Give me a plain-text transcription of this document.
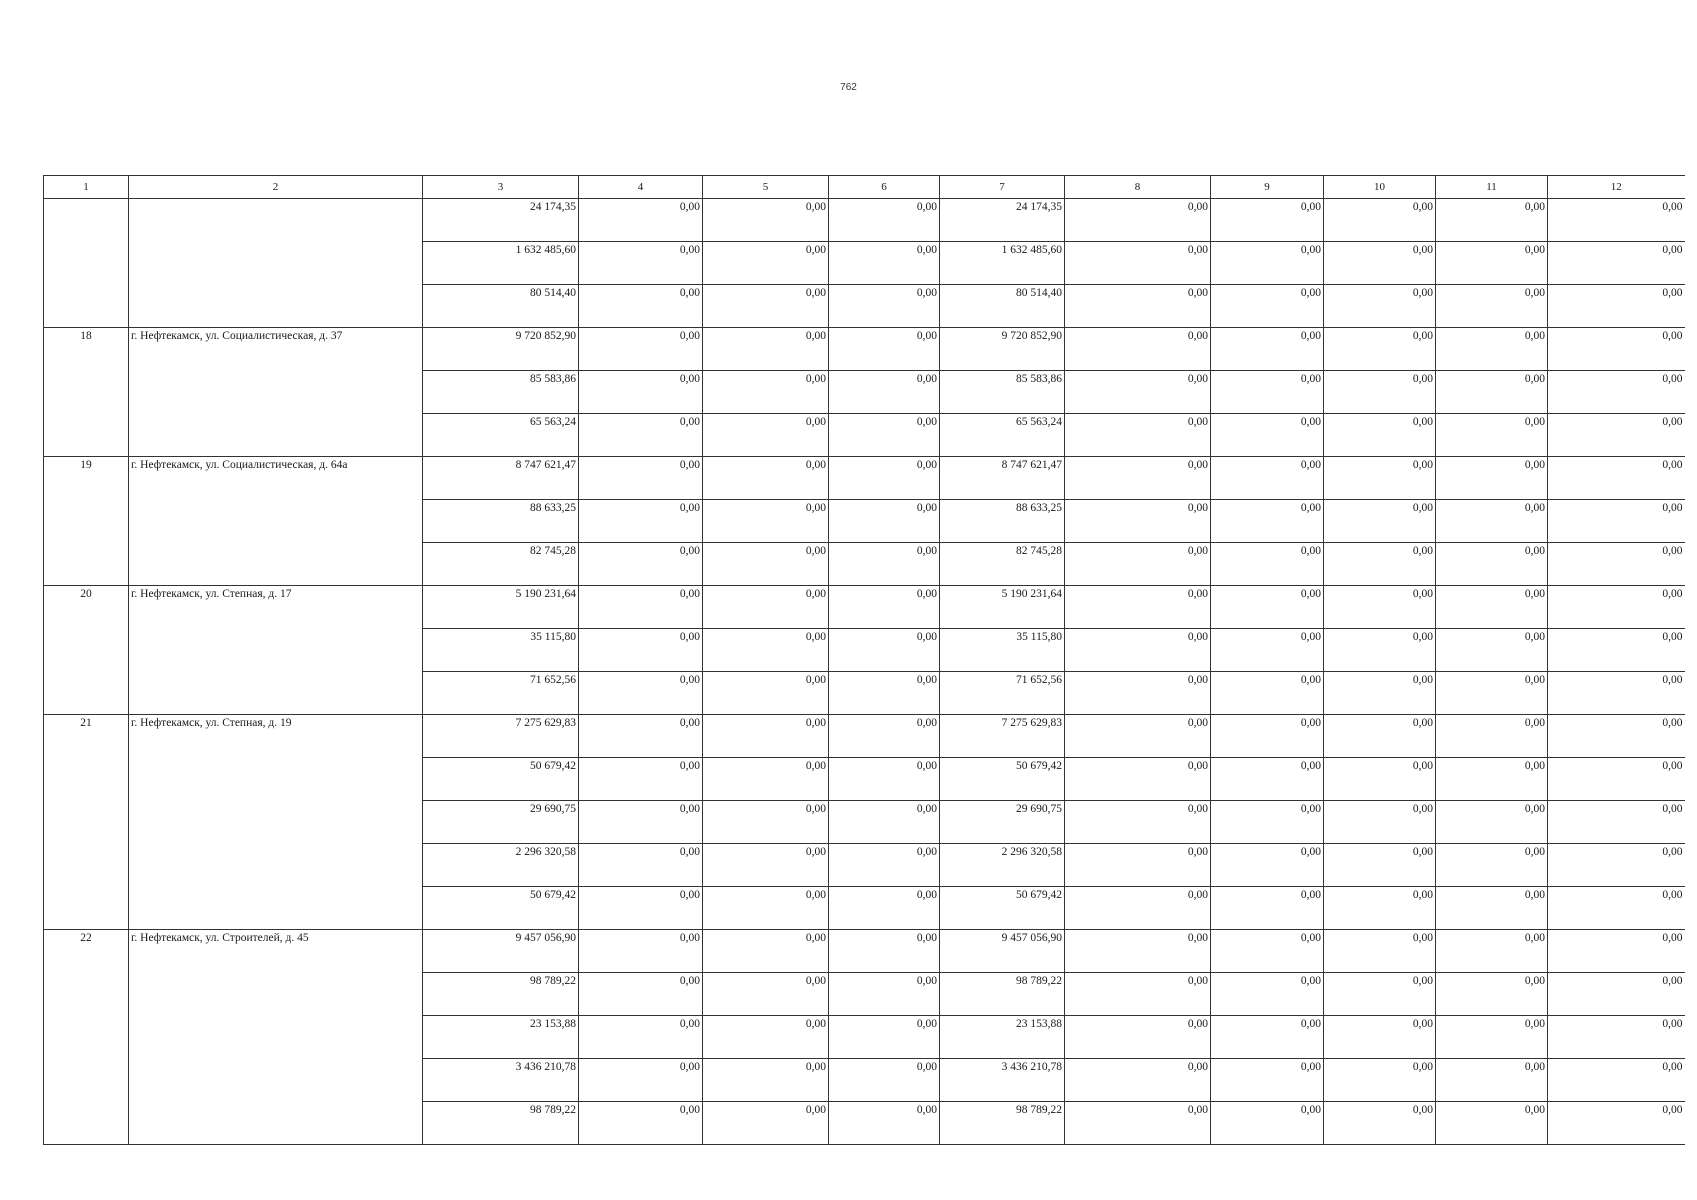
762
1	2	3	4	5	6	7	8	9	10	11	12
		24 174,35	0,00	0,00	0,00	24 174,35	0,00	0,00	0,00	0,00	0,00
		1 632 485,60	0,00	0,00	0,00	1 632 485,60	0,00	0,00	0,00	0,00	0,00
		80 514,40	0,00	0,00	0,00	80 514,40	0,00	0,00	0,00	0,00	0,00
18	г. Нефтекамск, ул. Социалистическая, д. 37	9 720 852,90	0,00	0,00	0,00	9 720 852,90	0,00	0,00	0,00	0,00	0,00
		85 583,86	0,00	0,00	0,00	85 583,86	0,00	0,00	0,00	0,00	0,00
		65 563,24	0,00	0,00	0,00	65 563,24	0,00	0,00	0,00	0,00	0,00
19	г. Нефтекамск, ул. Социалистическая, д. 64а	8 747 621,47	0,00	0,00	0,00	8 747 621,47	0,00	0,00	0,00	0,00	0,00
		88 633,25	0,00	0,00	0,00	88 633,25	0,00	0,00	0,00	0,00	0,00
		82 745,28	0,00	0,00	0,00	82 745,28	0,00	0,00	0,00	0,00	0,00
20	г. Нефтекамск, ул. Степная, д. 17	5 190 231,64	0,00	0,00	0,00	5 190 231,64	0,00	0,00	0,00	0,00	0,00
		35 115,80	0,00	0,00	0,00	35 115,80	0,00	0,00	0,00	0,00	0,00
		71 652,56	0,00	0,00	0,00	71 652,56	0,00	0,00	0,00	0,00	0,00
21	г. Нефтекамск, ул. Степная, д. 19	7 275 629,83	0,00	0,00	0,00	7 275 629,83	0,00	0,00	0,00	0,00	0,00
		50 679,42	0,00	0,00	0,00	50 679,42	0,00	0,00	0,00	0,00	0,00
		29 690,75	0,00	0,00	0,00	29 690,75	0,00	0,00	0,00	0,00	0,00
		2 296 320,58	0,00	0,00	0,00	2 296 320,58	0,00	0,00	0,00	0,00	0,00
		50 679,42	0,00	0,00	0,00	50 679,42	0,00	0,00	0,00	0,00	0,00
22	г. Нефтекамск, ул. Строителей, д. 45	9 457 056,90	0,00	0,00	0,00	9 457 056,90	0,00	0,00	0,00	0,00	0,00
		98 789,22	0,00	0,00	0,00	98 789,22	0,00	0,00	0,00	0,00	0,00
		23 153,88	0,00	0,00	0,00	23 153,88	0,00	0,00	0,00	0,00	0,00
		3 436 210,78	0,00	0,00	0,00	3 436 210,78	0,00	0,00	0,00	0,00	0,00
		98 789,22	0,00	0,00	0,00	98 789,22	0,00	0,00	0,00	0,00	0,00
